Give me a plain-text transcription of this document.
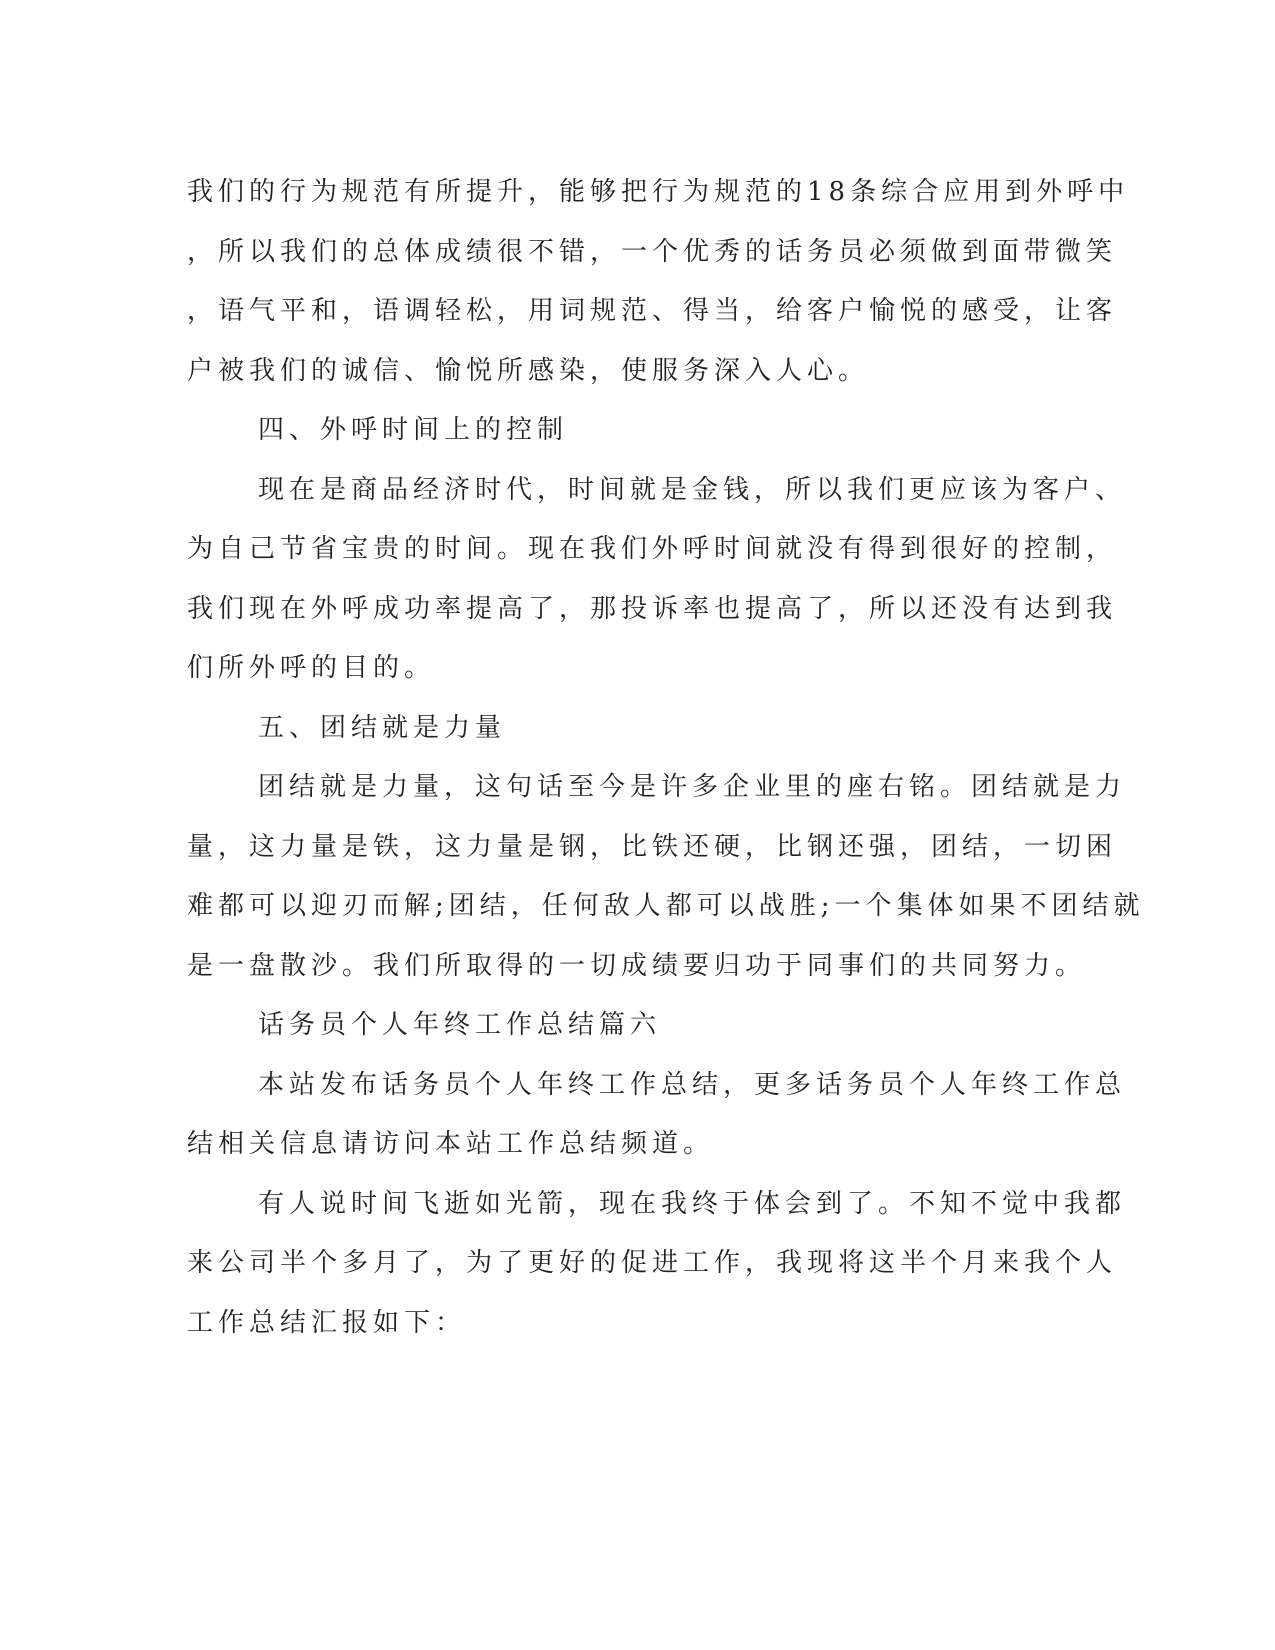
我们的行为规范有所提升，能够把行为规范的18条综合应用到外呼中
，所以我们的总体成绩很不错，一个优秀的话务员必须做到面带微笑
，语气平和，语调轻松，用词规范、得当，给客户愉悦的感受，让客
户被我们的诚信、愉悦所感染，使服务深入人心。
四、外呼时间上的控制
现在是商品经济时代，时间就是金钱，所以我们更应该为客户、
为自己节省宝贵的时间。现在我们外呼时间就没有得到很好的控制，
我们现在外呼成功率提高了，那投诉率也提高了，所以还没有达到我
们所外呼的目的。
五、团结就是力量
团结就是力量，这句话至今是许多企业里的座右铭。团结就是力
量，这力量是铁，这力量是钢，比铁还硬，比钢还强，团结，一切困
难都可以迎刃而解;团结，任何敌人都可以战胜;一个集体如果不团结就
是一盘散沙。我们所取得的一切成绩要归功于同事们的共同努力。
话务员个人年终工作总结篇六
本站发布话务员个人年终工作总结，更多话务员个人年终工作总
结相关信息请访问本站工作总结频道。
有人说时间飞逝如光箭，现在我终于体会到了。不知不觉中我都
来公司半个多月了，为了更好的促进工作，我现将这半个月来我个人
工作总结汇报如下：
